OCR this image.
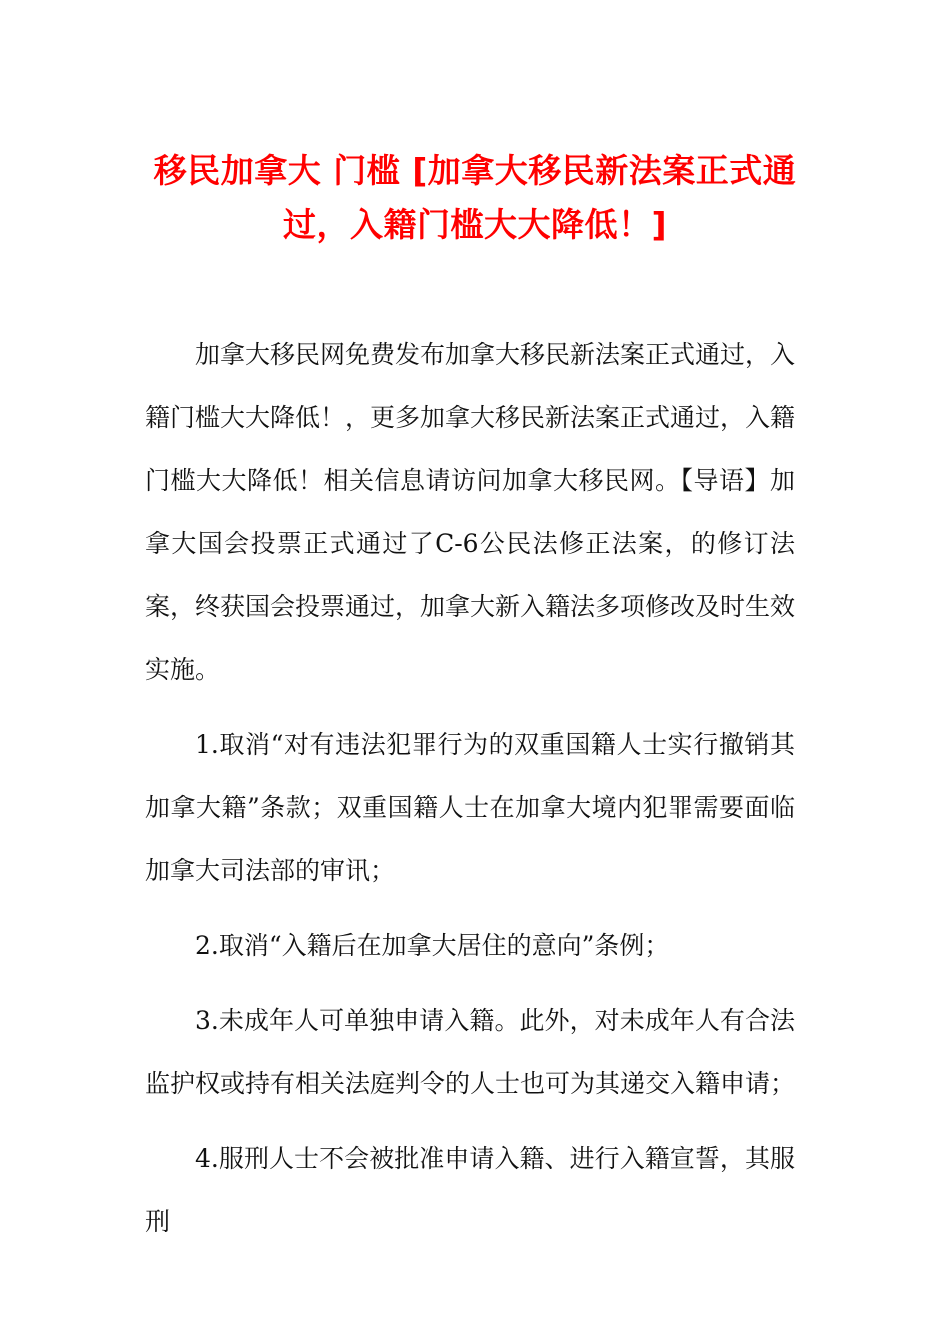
移民加拿大 门槛 [加拿大移民新法案正式通过，入籍门槛大大降低！]

加拿大移民网免费发布加拿大移民新法案正式通过，入籍门槛大大降低！，更多加拿大移民新法案正式通过，入籍门槛大大降低！相关信息请访问加拿大移民网。【导语】加拿大国会投票正式通过了C-6公民法修正法案，的修订法案，终获国会投票通过，加拿大新入籍法多项修改及时生效实施。

1.取消“对有违法犯罪行为的双重国籍人士实行撤销其加拿大籍”条款；双重国籍人士在加拿大境内犯罪需要面临加拿大司法部的审讯；

2.取消“入籍后在加拿大居住的意向”条例；

3.未成年人可单独申请入籍。此外，对未成年人有合法监护权或持有相关法庭判令的人士也可为其递交入籍申请；

4.服刑人士不会被批准申请入籍、进行入籍宣誓，其服刑
